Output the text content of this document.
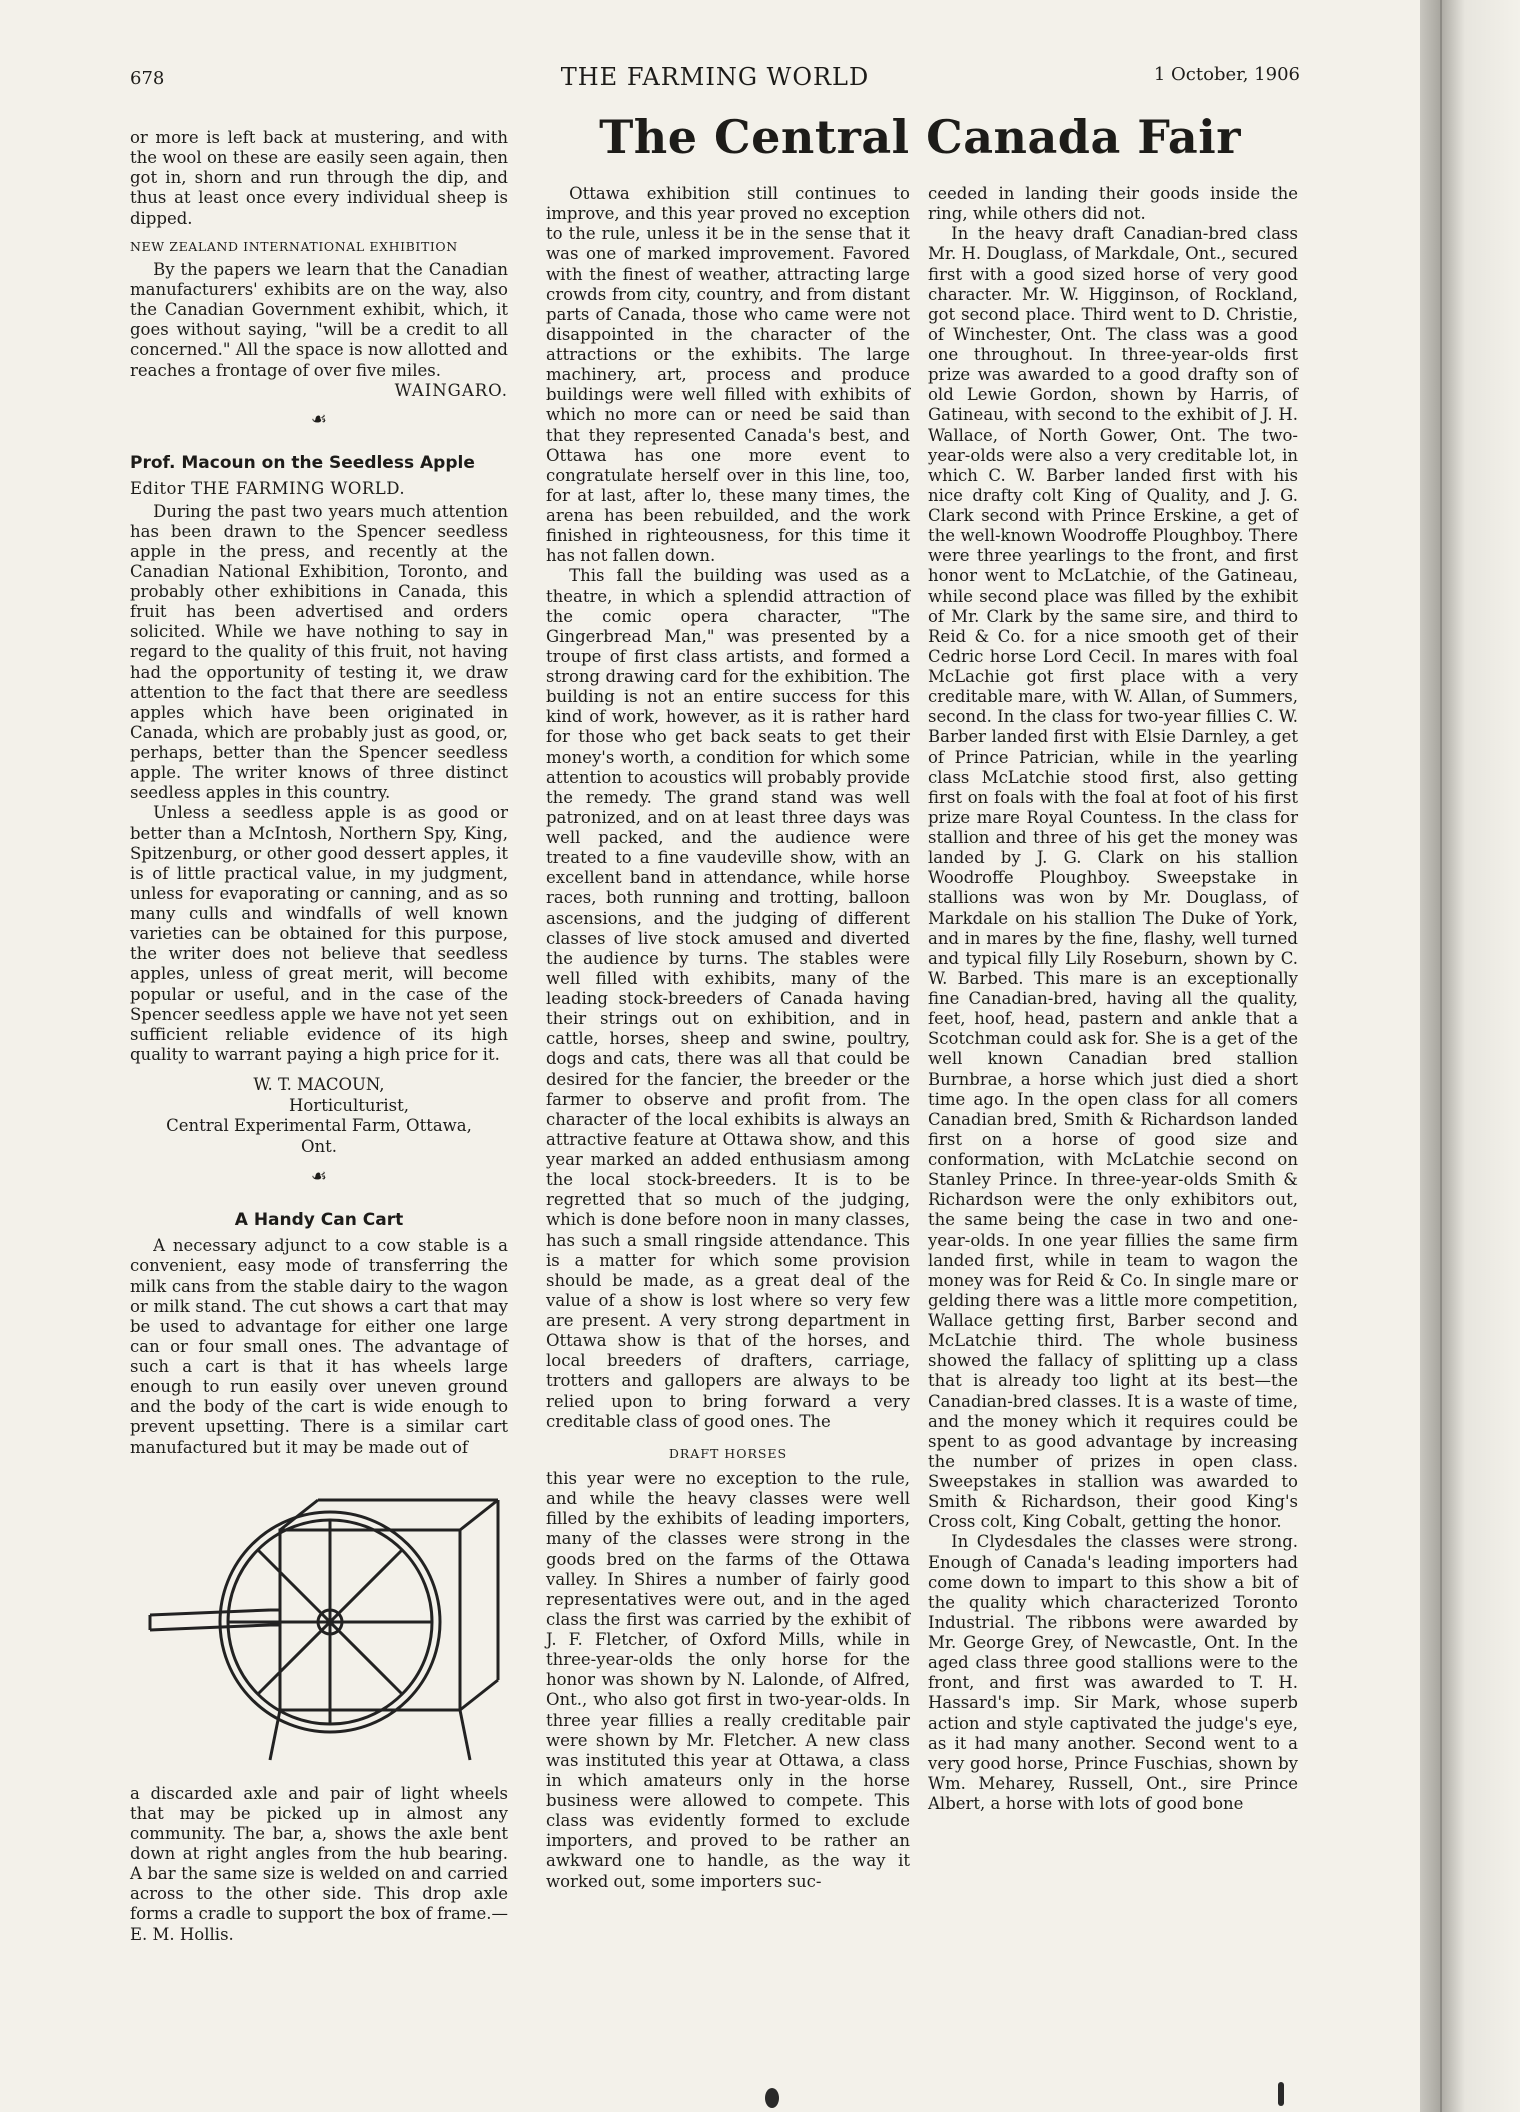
678	THE FARMING WORLD	1 October, 1906
The Central Canada Fair

or more is left back at mustering, and with the wool on these are easily seen again, then got in, shorn and run through the dip, and thus at least once every individual sheep is dipped.

NEW ZEALAND INTERNATIONAL EXHIBITION

By the papers we learn that the Canadian manufacturers' exhibits are on the way, also the Canadian Government exhibit, which, it goes without saying, "will be a credit to all concerned." All the space is now allotted and reaches a frontage of over five miles.

WAINGARO.
☙
Prof. Macoun on the Seedless Apple
Editor THE FARMING WORLD.

During the past two years much attention has been drawn to the Spencer seedless apple in the press, and recently at the Canadian National Exhibition, Toronto, and probably other exhibitions in Canada, this fruit has been advertised and orders solicited. While we have nothing to say in regard to the quality of this fruit, not having had the opportunity of testing it, we draw attention to the fact that there are seedless apples which have been originated in Canada, which are probably just as good, or, perhaps, better than the Spencer seedless apple. The writer knows of three distinct seedless apples in this country.

Unless a seedless apple is as good or better than a McIntosh, Northern Spy, King, Spitzenburg, or other good dessert apples, it is of little practical value, in my judgment, unless for evaporating or canning, and as so many culls and windfalls of well known varieties can be obtained for this purpose, the writer does not believe that seedless apples, unless of great merit, will become popular or useful, and in the case of the Spencer seedless apple we have not yet seen sufficient reliable evidence of its high quality to warrant paying a high price for it.

W. T. MACOUN,
Horticulturist,
Central Experimental Farm, Ottawa,
Ont.
☙
A Handy Can Cart

A necessary adjunct to a cow stable is a convenient, easy mode of transferring the milk cans from the stable dairy to the wagon or milk stand. The cut shows a cart that may be used to advantage for either one large can or four small ones. The advantage of such a cart is that it has wheels large enough to run easily over uneven ground and the body of the cart is wide enough to prevent upsetting. There is a similar cart manufactured but it may be made out of

a discarded axle and pair of light wheels that may be picked up in almost any community. The bar, a, shows the axle bent down at right angles from the hub bearing. A bar the same size is welded on and carried across to the other side. This drop axle forms a cradle to support the box of frame.—E. M. Hollis.

Ottawa exhibition still continues to improve, and this year proved no exception to the rule, unless it be in the sense that it was one of marked improvement. Favored with the finest of weather, attracting large crowds from city, country, and from distant parts of Canada, those who came were not disappointed in the character of the attractions or the exhibits. The large machinery, art, process and produce buildings were well filled with exhibits of which no more can or need be said than that they represented Canada's best, and Ottawa has one more event to congratulate herself over in this line, too, for at last, after lo, these many times, the arena has been rebuilded, and the work finished in righteousness, for this time it has not fallen down.

This fall the building was used as a theatre, in which a splendid attraction of the comic opera character, "The Gingerbread Man," was presented by a troupe of first class artists, and formed a strong drawing card for the exhibition. The building is not an entire success for this kind of work, however, as it is rather hard for those who get back seats to get their money's worth, a condition for which some attention to acoustics will probably provide the remedy. The grand stand was well patronized, and on at least three days was well packed, and the audience were treated to a fine vaudeville show, with an excellent band in attendance, while horse races, both running and trotting, balloon ascensions, and the judging of different classes of live stock amused and diverted the audience by turns. The stables were well filled with exhibits, many of the leading stock-breeders of Canada having their strings out on exhibition, and in cattle, horses, sheep and swine, poultry, dogs and cats, there was all that could be desired for the fancier, the breeder or the farmer to observe and profit from. The character of the local exhibits is always an attractive feature at Ottawa show, and this year marked an added enthusiasm among the local stock-breeders. It is to be regretted that so much of the judging, which is done before noon in many classes, has such a small ringside attendance. This is a matter for which some provision should be made, as a great deal of the value of a show is lost where so very few are present. A very strong department in Ottawa show is that of the horses, and local breeders of drafters, carriage, trotters and gallopers are always to be relied upon to bring forward a very creditable class of good ones. The

DRAFT HORSES

this year were no exception to the rule, and while the heavy classes were well filled by the exhibits of leading importers, many of the classes were strong in the goods bred on the farms of the Ottawa valley. In Shires a number of fairly good representatives were out, and in the aged class the first was carried by the exhibit of J. F. Fletcher, of Oxford Mills, while in three-year-olds the only horse for the honor was shown by N. Lalonde, of Alfred, Ont., who also got first in two-year-olds. In three year fillies a really creditable pair were shown by Mr. Fletcher. A new class was instituted this year at Ottawa, a class in which amateurs only in the horse business were allowed to compete. This class was evidently formed to exclude importers, and proved to be rather an awkward one to handle, as the way it worked out, some importers suc-

ceeded in landing their goods inside the ring, while others did not.

In the heavy draft Canadian-bred class Mr. H. Douglass, of Markdale, Ont., secured first with a good sized horse of very good character. Mr. W. Higginson, of Rockland, got second place. Third went to D. Christie, of Winchester, Ont. The class was a good one throughout. In three-year-olds first prize was awarded to a good drafty son of old Lewie Gordon, shown by Harris, of Gatineau, with second to the exhibit of J. H. Wallace, of North Gower, Ont. The two-year-olds were also a very creditable lot, in which C. W. Barber landed first with his nice drafty colt King of Quality, and J. G. Clark second with Prince Erskine, a get of the well-known Woodroffe Ploughboy. There were three yearlings to the front, and first honor went to McLatchie, of the Gatineau, while second place was filled by the exhibit of Mr. Clark by the same sire, and third to Reid & Co. for a nice smooth get of their Cedric horse Lord Cecil. In mares with foal McLachie got first place with a very creditable mare, with W. Allan, of Summers, second. In the class for two-year fillies C. W. Barber landed first with Elsie Darnley, a get of Prince Patrician, while in the yearling class McLatchie stood first, also getting first on foals with the foal at foot of his first prize mare Royal Countess. In the class for stallion and three of his get the money was landed by J. G. Clark on his stallion Woodroffe Ploughboy. Sweepstake in stallions was won by Mr. Douglass, of Markdale on his stallion The Duke of York, and in mares by the fine, flashy, well turned and typical filly Lily Roseburn, shown by C. W. Barbed. This mare is an exceptionally fine Canadian-bred, having all the quality, feet, hoof, head, pastern and ankle that a Scotchman could ask for. She is a get of the well known Canadian bred stallion Burnbrae, a horse which just died a short time ago. In the open class for all comers Canadian bred, Smith & Richardson landed first on a horse of good size and conformation, with McLatchie second on Stanley Prince. In three-year-olds Smith & Richardson were the only exhibitors out, the same being the case in two and one-year-olds. In one year fillies the same firm landed first, while in team to wagon the money was for Reid & Co. In single mare or gelding there was a little more competition, Wallace getting first, Barber second and McLatchie third. The whole business showed the fallacy of splitting up a class that is already too light at its best—the Canadian-bred classes. It is a waste of time, and the money which it requires could be spent to as good advantage by increasing the number of prizes in open class. Sweepstakes in stallion was awarded to Smith & Richardson, their good King's Cross colt, King Cobalt, getting the honor.

In Clydesdales the classes were strong. Enough of Canada's leading importers had come down to impart to this show a bit of the quality which characterized Toronto Industrial. The ribbons were awarded by Mr. George Grey, of Newcastle, Ont. In the aged class three good stallions were to the front, and first was awarded to T. H. Hassard's imp. Sir Mark, whose superb action and style captivated the judge's eye, as it had many another. Second went to a very good horse, Prince Fuschias, shown by Wm. Meharey, Russell, Ont., sire Prince Albert, a horse with lots of good bone
